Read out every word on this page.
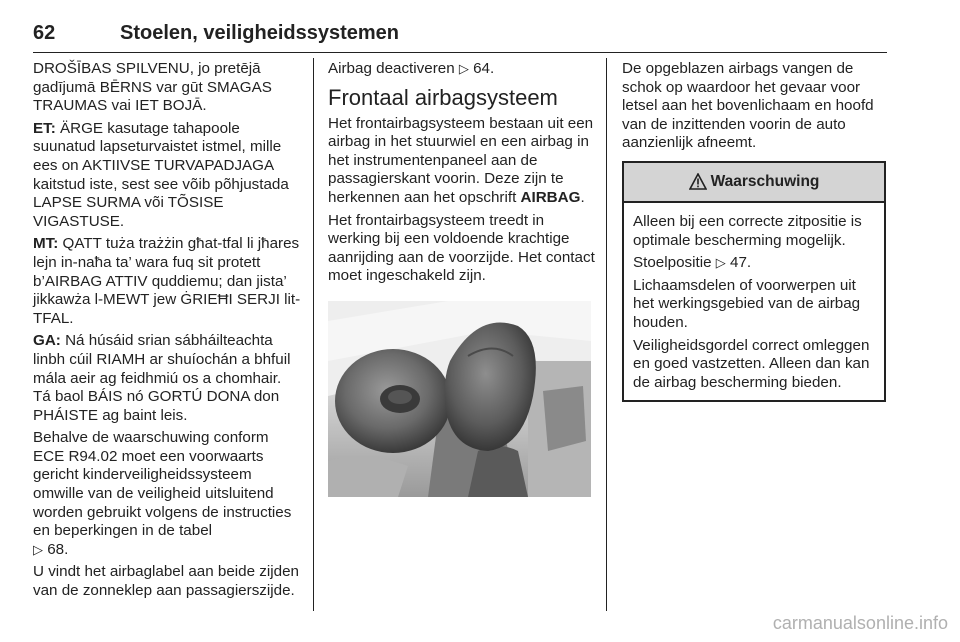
62	Stoelen, veiligheidssystemen

DROŠĪBAS SPILVENU, jo pretējā gadījumā BĒRNS var gūt SMAGAS TRAUMAS vai IET BOJĀ.

ET: ÄRGE kasutage tahapoole suunatud lapseturvaistet istmel, mille ees on AKTIIVSE TURVAPADJAGA kaitstud iste, sest see võib põhjustada LAPSE SURMA või TÕSISE VIGASTUSE.

MT: QATT tuża trażżin għat-tfal li jħares lejn in-naħa ta’ wara fuq sit protett b’AIRBAG ATTIV quddiemu; dan jista’ jikkawża l-MEWT jew ĠRIEĦI SERJI lit-TFAL.

GA: Ná húsáid srian sábháilteachta linbh cúil RIAMH ar shuíochán a bhfuil mála aeir ag feidhmiú os a chomhair. Tá baol BÁIS nó GORTÚ DONA don PHÁISTE ag baint leis.

Behalve de waarschuwing conform ECE R94.02 moet een voorwaarts gericht kinderveiligheidssysteem omwille van de veiligheid uitsluitend worden gebruikt volgens de instructies en beperkingen in de tabel
▷ 68.

U vindt het airbaglabel aan beide zijden van de zonneklep aan passagierszijde.

Airbag deactiveren ▷ 64.

Frontaal airbagsysteem

Het frontairbagsysteem bestaan uit een airbag in het stuurwiel en een airbag in het instrumentenpaneel aan de passagierskant voorin. Deze zijn te herkennen aan het opschrift AIRBAG.

Het frontairbagsysteem treedt in werking bij een voldoende krachtige aanrijding aan de voorzijde. Het contact moet ingeschakeld zijn.

De opgeblazen airbags vangen de schok op waardoor het gevaar voor letsel aan het bovenlichaam en hoofd van de inzittenden voorin de auto aanzienlijk afneemt.

Waarschuwing

Alleen bij een correcte zitpositie is optimale bescherming mogelijk.

Stoelpositie ▷ 47.

Lichaamsdelen of voorwerpen uit het werkingsgebied van de airbag houden.

Veiligheidsgordel correct omleggen en goed vastzetten. Alleen dan kan de airbag bescherming bieden.

carmanualsonline.info
